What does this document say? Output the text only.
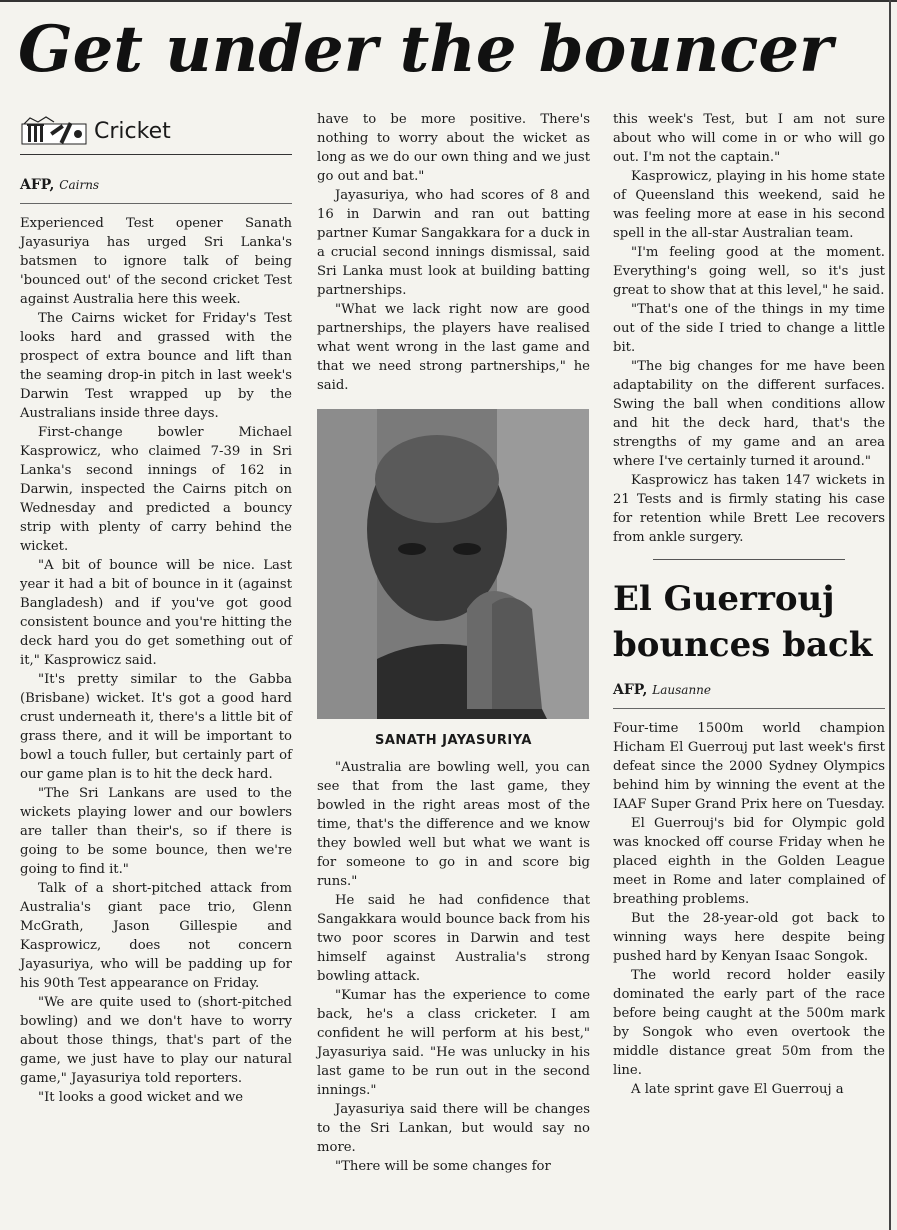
Get under the bouncer
Cricket
AFP, Cairns

Experienced Test opener Sanath Jayasuriya has urged Sri Lanka's batsmen to ignore talk of being 'bounced out' of the second cricket Test against Australia here this week.

The Cairns wicket for Friday's Test looks hard and grassed with the prospect of extra bounce and lift than the seaming drop-in pitch in last week's Darwin Test wrapped up by the Australians inside three days.

First-change bowler Michael Kasprowicz, who claimed 7-39 in Sri Lanka's second innings of 162 in Darwin, inspected the Cairns pitch on Wednesday and predicted a bouncy strip with plenty of carry behind the wicket.

"A bit of bounce will be nice. Last year it had a bit of bounce in it (against Bangladesh) and if you've got good consistent bounce and you're hitting the deck hard you do get something out of it," Kasprowicz said.

"It's pretty similar to the Gabba (Brisbane) wicket. It's got a good hard crust underneath it, there's a little bit of grass there, and it will be important to bowl a touch fuller, but certainly part of our game plan is to hit the deck hard.

"The Sri Lankans are used to the wickets playing lower and our bowlers are taller than their's, so if there is going to be some bounce, then we're going to find it."

Talk of a short-pitched attack from Australia's giant pace trio, Glenn McGrath, Jason Gillespie and Kasprowicz, does not concern Jayasuriya, who will be padding up for his 90th Test appearance on Friday.

"We are quite used to (short-pitched bowling) and we don't have to worry about those things, that's part of the game, we just have to play our natural game," Jayasuriya told reporters.

"It looks a good wicket and we

have to be more positive. There's nothing to worry about the wicket as long as we do our own thing and we just go out and bat."

Jayasuriya, who had scores of 8 and 16 in Darwin and ran out batting partner Kumar Sangakkara for a duck in a crucial second innings dismissal, said Sri Lanka must look at building batting partnerships.

"What we lack right now are good partnerships, the players have realised what went wrong in the last game and that we need strong partnerships," he said.

SANATH JAYASURIYA

"Australia are bowling well, you can see that from the last game, they bowled in the right areas most of the time, that's the difference and we know they bowled well but what we want is for someone to go in and score big runs."

He said he had confidence that Sangakkara would bounce back from his two poor scores in Darwin and test himself against Australia's strong bowling attack.

"Kumar has the experience to come back, he's a class cricketer. I am confident he will perform at his best," Jayasuriya said. "He was unlucky in his last game to be run out in the second innings."

Jayasuriya said there will be changes to the Sri Lankan, but would say no more.

"There will be some changes for

this week's Test, but I am not sure about who will come in or who will go out. I'm not the captain."

Kasprowicz, playing in his home state of Queensland this weekend, said he was feeling more at ease in his second spell in the all-star Australian team.

"I'm feeling good at the moment. Everything's going well, so it's just great to show that at this level," he said.

"That's one of the things in my time out of the side I tried to change a little bit.

"The big changes for me have been adaptability on the different surfaces. Swing the ball when conditions allow and hit the deck hard, that's the strengths of my game and an area where I've certainly turned it around."

Kasprowicz has taken 147 wickets in 21 Tests and is firmly stating his case for retention while Brett Lee recovers from ankle surgery.

El Guerrouj
bounces back
AFP, Lausanne

Four-time 1500m world champion Hicham El Guerrouj put last week's first defeat since the 2000 Sydney Olympics behind him by winning the event at the IAAF Super Grand Prix here on Tuesday.

El Guerrouj's bid for Olympic gold was knocked off course Friday when he placed eighth in the Golden League meet in Rome and later complained of breathing problems.

But the 28-year-old got back to winning ways here despite being pushed hard by Kenyan Isaac Songok.

The world record holder easily dominated the early part of the race before being caught at the 500m mark by Songok who even overtook the middle distance great 50m from the line.

A late sprint gave El Guerrouj a
